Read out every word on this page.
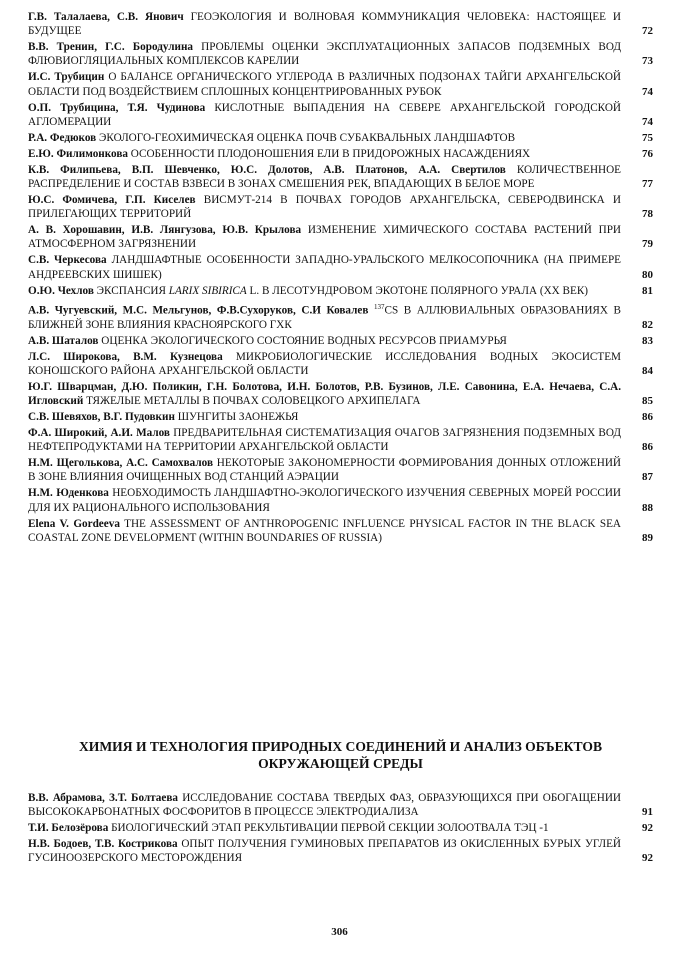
Г.В. Талалаева, С.В. Янович ГЕОЭКОЛОГИЯ И ВОЛНОВАЯ КОММУНИКАЦИЯ ЧЕЛОВЕКА: НАСТОЯЩЕЕ И БУДУЩЕЕ	72
В.В. Тренин, Г.С. Бородулина ПРОБЛЕМЫ ОЦЕНКИ ЭКСПЛУАТАЦИОННЫХ ЗАПАСОВ ПОДЗЕМНЫХ ВОД ФЛЮВИОГЛЯЦИАЛЬНЫХ КОМПЛЕКСОВ КАРЕЛИИ	73
И.С. Трубицин О БАЛАНСЕ ОРГАНИЧЕСКОГО УГЛЕРОДА В РАЗЛИЧНЫХ ПОДЗОНАХ ТАЙГИ АРХАНГЕЛЬСКОЙ ОБЛАСТИ ПОД ВОЗДЕЙСТВИЕМ СПЛОШНЫХ КОНЦЕНТРИРОВАННЫХ РУБОК	74
О.П. Трубицина, Т.Я. Чудинова КИСЛОТНЫЕ ВЫПАДЕНИЯ НА СЕВЕРЕ АРХАНГЕЛЬСКОЙ ГОРОДСКОЙ АГЛОМЕРАЦИИ	74
Р.А. Федюков ЭКОЛОГО-ГЕОХИМИЧЕСКАЯ ОЦЕНКА ПОЧВ СУБАКВАЛЬНЫХ ЛАНДШАФТОВ	75
Е.Ю. Филимонкова ОСОБЕННОСТИ ПЛОДОНОШЕНИЯ ЕЛИ В ПРИДОРОЖНЫХ НАСАЖДЕНИЯХ	76
К.В. Филипьева, В.П. Шевченко, Ю.С. Долотов, А.В. Платонов, А.А. Свертилов КОЛИЧЕСТВЕННОЕ РАСПРЕДЕЛЕНИЕ И СОСТАВ ВЗВЕСИ В ЗОНАХ СМЕШЕНИЯ РЕК, ВПАДАЮЩИХ В БЕЛОЕ МОРЕ	77
Ю.С. Фомичева, Г.П. Киселев ВИСМУТ-214 В ПОЧВАХ ГОРОДОВ АРХАНГЕЛЬСКА, СЕВЕРОДВИНСКА И ПРИЛЕГАЮЩИХ ТЕРРИТОРИЙ	78
А. В. Хорошавин, И.В. Лянгузова, Ю.В. Крылова ИЗМЕНЕНИЕ ХИМИЧЕСКОГО СОСТАВА РАСТЕНИЙ ПРИ АТМОСФЕРНОМ ЗАГРЯЗНЕНИИ	79
С.В. Черкесова ЛАНДШАФТНЫЕ ОСОБЕННОСТИ ЗАПАДНО-УРАЛЬСКОГО МЕЛКОСОПОЧНИКА (НА ПРИМЕРЕ АНДРЕЕВСКИХ ШИШЕК)	80
О.Ю. Чехлов ЭКСПАНСИЯ LARIX SIBIRICA L. В ЛЕСОТУНДРОВОМ ЭКОТОНЕ ПОЛЯРНОГО УРАЛА (XX ВЕК)	81
А.В. Чугуевский, М.С. Мельгунов, Ф.В.Сухоруков, С.И Ковалев $^{137}$CS В АЛЛЮВИАЛЬНЫХ ОБРАЗОВАНИЯХ В БЛИЖНЕЙ ЗОНЕ ВЛИЯНИЯ КРАСНОЯРСКОГО ГХК	82
А.В. Шаталов ОЦЕНКА ЭКОЛОГИЧЕСКОГО СОСТОЯНИЕ ВОДНЫХ РЕСУРСОВ ПРИАМУРЬЯ	83
Л.С. Широкова, В.М. Кузнецова МИКРОБИОЛОГИЧЕСКИЕ ИССЛЕДОВАНИЯ ВОДНЫХ ЭКОСИСТЕМ КОНОШСКОГО РАЙОНА АРХАНГЕЛЬСКОЙ ОБЛАСТИ	84
Ю.Г. Шварцман, Д.Ю. Поликин, Г.Н. Болотова, И.Н. Болотов, Р.В. Бузинов, Л.Е. Савонина, Е.А. Нечаева, С.А. Игловский ТЯЖЕЛЫЕ МЕТАЛЛЫ В ПОЧВАХ СОЛОВЕЦКОГО АРХИПЕЛАГА	85
С.В. Шевяхов, В.Г. Пудовкин ШУНГИТЫ ЗАОНЕЖЬЯ	86
Ф.А. Широкий, А.И. Малов ПРЕДВАРИТЕЛЬНАЯ СИСТЕМАТИЗАЦИЯ ОЧАГОВ ЗАГРЯЗНЕНИЯ ПОДЗЕМНЫХ ВОД НЕФТЕПРОДУКТАМИ НА ТЕРРИТОРИИ АРХАНГЕЛЬСКОЙ ОБЛАСТИ	86
Н.М. Щеголькова, А.С. Самохвалов НЕКОТОРЫЕ ЗАКОНОМЕРНОСТИ ФОРМИРОВАНИЯ ДОННЫХ ОТЛОЖЕНИЙ В ЗОНЕ ВЛИЯНИЯ ОЧИЩЕННЫХ ВОД СТАНЦИЙ АЭРАЦИИ	87
Н.М. Юденкова НЕОБХОДИМОСТЬ ЛАНДШАФТНО-ЭКОЛОГИЧЕСКОГО ИЗУЧЕНИЯ СЕВЕРНЫХ МОРЕЙ РОССИИ ДЛЯ ИХ РАЦИОНАЛЬНОГО ИСПОЛЬЗОВАНИЯ	88
Elena V. Gordeeva THE ASSESSMENT OF ANTHROPOGENIC INFLUENCE PHYSICAL FACTOR IN THE BLACK SEA COASTAL ZONE DEVELOPMENT (WITHIN BOUNDARIES OF RUSSIA)	89
ХИМИЯ И ТЕХНОЛОГИЯ ПРИРОДНЫХ СОЕДИНЕНИЙ И АНАЛИЗ ОБЪЕКТОВ
ОКРУЖАЮЩЕЙ СРЕДЫ
В.В. Абрамова, З.Т. Болтаева ИССЛЕДОВАНИЕ СОСТАВА ТВЕРДЫХ ФАЗ, ОБРАЗУЮЩИХСЯ ПРИ ОБОГАЩЕНИИ ВЫСОКОКАРБОНАТНЫХ ФОСФОРИТОВ В ПРОЦЕССЕ ЭЛЕКТРОДИАЛИЗА	91
Т.И. Белозёрова БИОЛОГИЧЕСКИЙ ЭТАП РЕКУЛЬТИВАЦИИ ПЕРВОЙ СЕКЦИИ ЗОЛООТВАЛА ТЭЦ -1	92
Н.В. Бодоев, Т.В. Кострикова ОПЫТ ПОЛУЧЕНИЯ ГУМИНОВЫХ ПРЕПАРАТОВ ИЗ ОКИСЛЕННЫХ БУРЫХ УГЛЕЙ ГУСИНООЗЕРСКОГО МЕСТОРОЖДЕНИЯ	92
306
